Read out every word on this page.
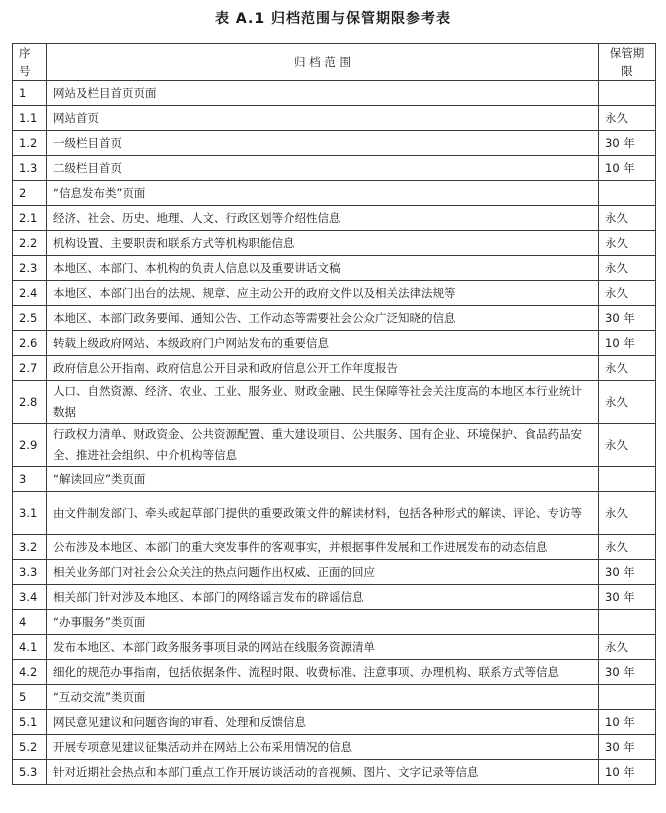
表 A.1 归档范围与保管期限参考表
序号	归 档 范 围	保管期限
1	网站及栏目首页页面	
1.1	网站首页	永久
1.2	一级栏目首页	30 年
1.3	二级栏目首页	10 年
2	“信息发布类”页面	
2.1	经济、社会、历史、地理、人文、行政区划等介绍性信息	永久
2.2	机构设置、主要职责和联系方式等机构职能信息	永久
2.3	本地区、本部门、本机构的负责人信息以及重要讲话文稿	永久
2.4	本地区、本部门出台的法规、规章、应主动公开的政府文件以及相关法律法规等	永久
2.5	本地区、本部门政务要闻、通知公告、工作动态等需要社会公众广泛知晓的信息	30 年
2.6	转载上级政府网站、本级政府门户网站发布的重要信息	10 年
2.7	政府信息公开指南、政府信息公开目录和政府信息公开工作年度报告	永久
2.8	人口、自然资源、经济、农业、工业、服务业、财政金融、民生保障等社会关注度高的本地区本行业统计数据	永久
2.9	行政权力清单、财政资金、公共资源配置、重大建设项目、公共服务、国有企业、环境保护、食品药品安全、推进社会组织、中介机构等信息	永久
3	“解读回应”类页面	
3.1	由文件制发部门、牵头或起草部门提供的重要政策文件的解读材料，包括各种形式的解读、评论、专访等	永久
3.2	公布涉及本地区、本部门的重大突发事件的客观事实，并根据事件发展和工作进展发布的动态信息	永久
3.3	相关业务部门对社会公众关注的热点问题作出权威、正面的回应	30 年
3.4	相关部门针对涉及本地区、本部门的网络谣言发布的辟谣信息	30 年
4	“办事服务”类页面	
4.1	发布本地区、本部门政务服务事项目录的网站在线服务资源清单	永久
4.2	细化的规范办事指南，包括依据条件、流程时限、收费标准、注意事项、办理机构、联系方式等信息	30 年
5	“互动交流”类页面	
5.1	网民意见建议和问题咨询的审看、处理和反馈信息	10 年
5.2	开展专项意见建议征集活动并在网站上公布采用情况的信息	30 年
5.3	针对近期社会热点和本部门重点工作开展访谈活动的音视频、图片、文字记录等信息	10 年
